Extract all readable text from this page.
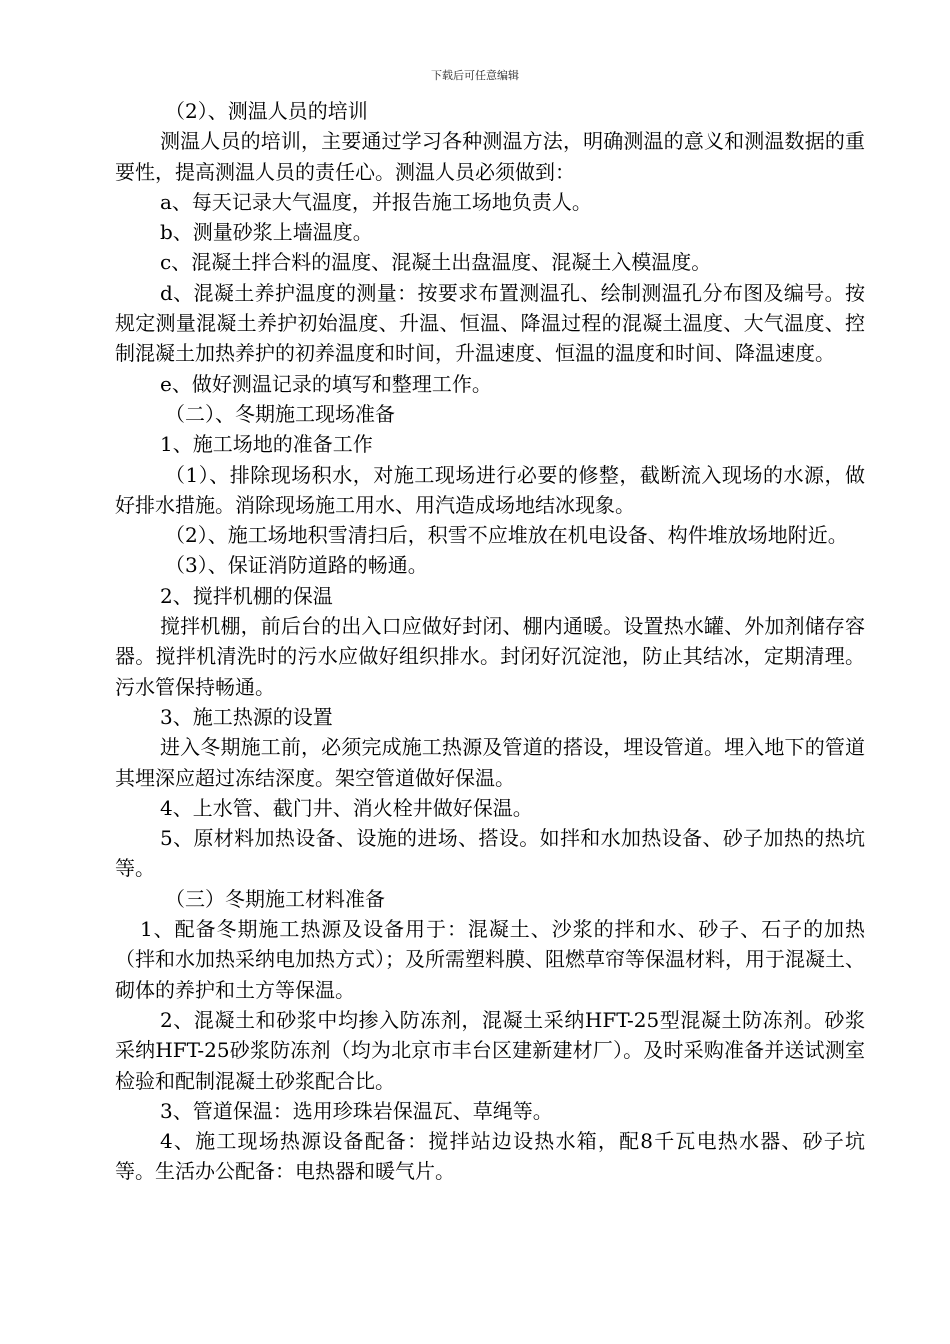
下载后可任意编辑

（2）、测温人员的培训

测温人员的培训，主要通过学习各种测温方法，明确测温的意义和测温数据的重要性，提高测温人员的责任心。测温人员必须做到：

a、每天记录大气温度，并报告施工场地负责人。

b、测量砂浆上墙温度。

c、混凝土拌合料的温度、混凝土出盘温度、混凝土入模温度。

d、混凝土养护温度的测量：按要求布置测温孔、绘制测温孔分布图及编号。按规定测量混凝土养护初始温度、升温、恒温、降温过程的混凝土温度、大气温度、控制混凝土加热养护的初养温度和时间，升温速度、恒温的温度和时间、降温速度。

e、做好测温记录的填写和整理工作。

（二）、冬期施工现场准备

1、施工场地的准备工作

（1）、排除现场积水，对施工现场进行必要的修整，截断流入现场的水源，做好排水措施。消除现场施工用水、用汽造成场地结冰现象。

（2）、施工场地积雪清扫后，积雪不应堆放在机电设备、构件堆放场地附近。

（3）、保证消防道路的畅通。

2、搅拌机棚的保温

搅拌机棚，前后台的出入口应做好封闭、棚内通暖。设置热水罐、外加剂储存容器。搅拌机清洗时的污水应做好组织排水。封闭好沉淀池，防止其结冰，定期清理。污水管保持畅通。

3、施工热源的设置

进入冬期施工前，必须完成施工热源及管道的搭设，埋设管道。埋入地下的管道其埋深应超过冻结深度。架空管道做好保温。

4、上水管、截门井、消火栓井做好保温。

5、原材料加热设备、设施的进场、搭设。如拌和水加热设备、砂子加热的热坑等。

（三）冬期施工材料准备

1、配备冬期施工热源及设备用于：混凝土、沙浆的拌和水、砂子、石子的加热（拌和水加热采纳电加热方式）；及所需塑料膜、阻燃草帘等保温材料，用于混凝土、砌体的养护和土方等保温。

2、混凝土和砂浆中均掺入防冻剂，混凝土采纳HFT-25型混凝土防冻剂。砂浆采纳HFT-25砂浆防冻剂（均为北京市丰台区建新建材厂）。及时采购准备并送试测室检验和配制混凝土砂浆配合比。

3、管道保温：选用珍珠岩保温瓦、草绳等。

4、施工现场热源设备配备：搅拌站边设热水箱，配8千瓦电热水器、砂子坑等。生活办公配备：电热器和暖气片。
